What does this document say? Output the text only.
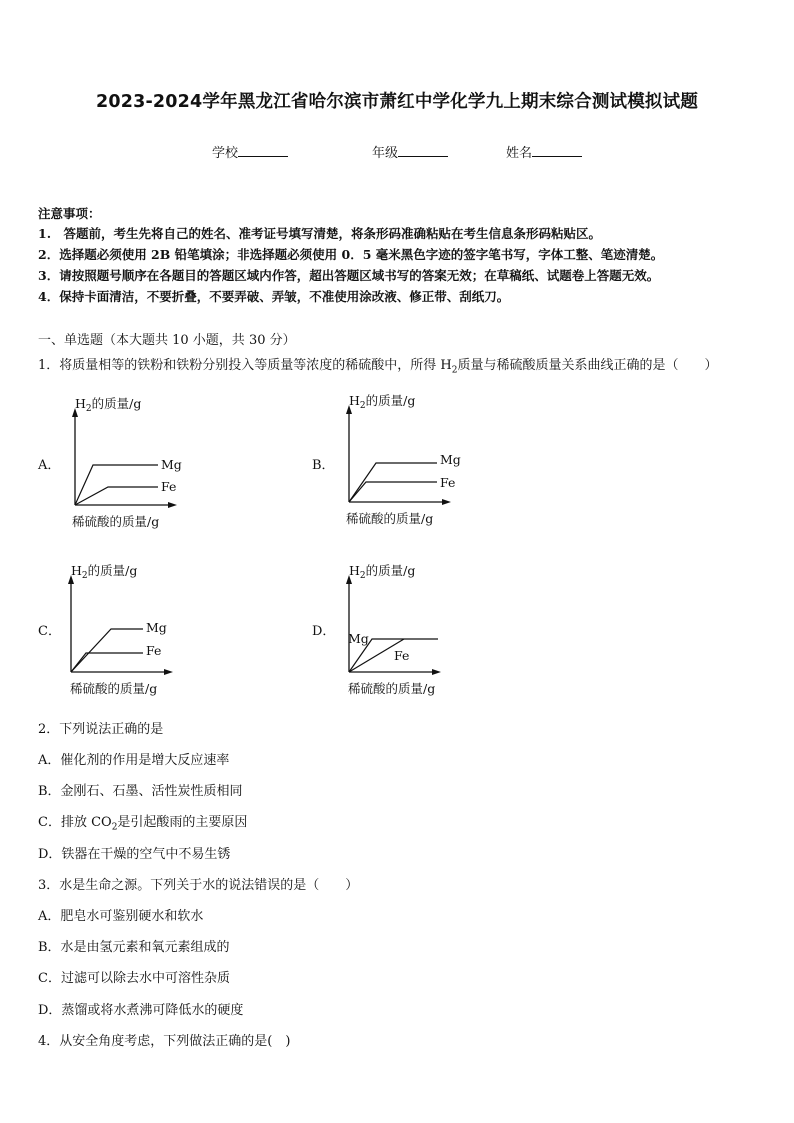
2023-2024学年黑龙江省哈尔滨市萧红中学化学九上期末综合测试模拟试题
学校	年级	姓名
注意事项：
1.　答题前，考生先将自己的姓名、准考证号填写清楚，将条形码准确粘贴在考生信息条形码粘贴区。
2．选择题必须使用 2B 铅笔填涂；非选择题必须使用 0．5 毫米黑色字迹的签字笔书写，字体工整、笔迹清楚。
3．请按照题号顺序在各题目的答题区域内作答，超出答题区域书写的答案无效；在草稿纸、试题卷上答题无效。
4．保持卡面清洁，不要折叠，不要弄破、弄皱，不准使用涂改液、修正带、刮纸刀。
一、单选题（本大题共 10 小题，共 30 分）
1．将质量相等的铁粉和铁粉分别投入等质量等浓度的稀硫酸中，所得 $H_2$质量与稀硫酸质量关系曲线正确的是（　　）
A．	B．
C．	D．
$H_2$的质量/g
Mg
Fe
稀硫酸的质量/g
$H_2$的质量/g
Mg
Fe
稀硫酸的质量/g
$H_2$的质量/g
Mg
Fe
稀硫酸的质量/g
$H_2$的质量/g
Mg
Fe
稀硫酸的质量/g
2．下列说法正确的是
A．催化剂的作用是增大反应速率
B．金刚石、石墨、活性炭性质相同
C．排放 $CO_2$是引起酸雨的主要原因
D．铁器在干燥的空气中不易生锈
3．水是生命之源。下列关于水的说法错误的是（　　）
A．肥皂水可鉴别硬水和软水
B．水是由氢元素和氧元素组成的
C．过滤可以除去水中可溶性杂质
D．蒸馏或将水煮沸可降低水的硬度
4．从安全角度考虑，下列做法正确的是(　)
